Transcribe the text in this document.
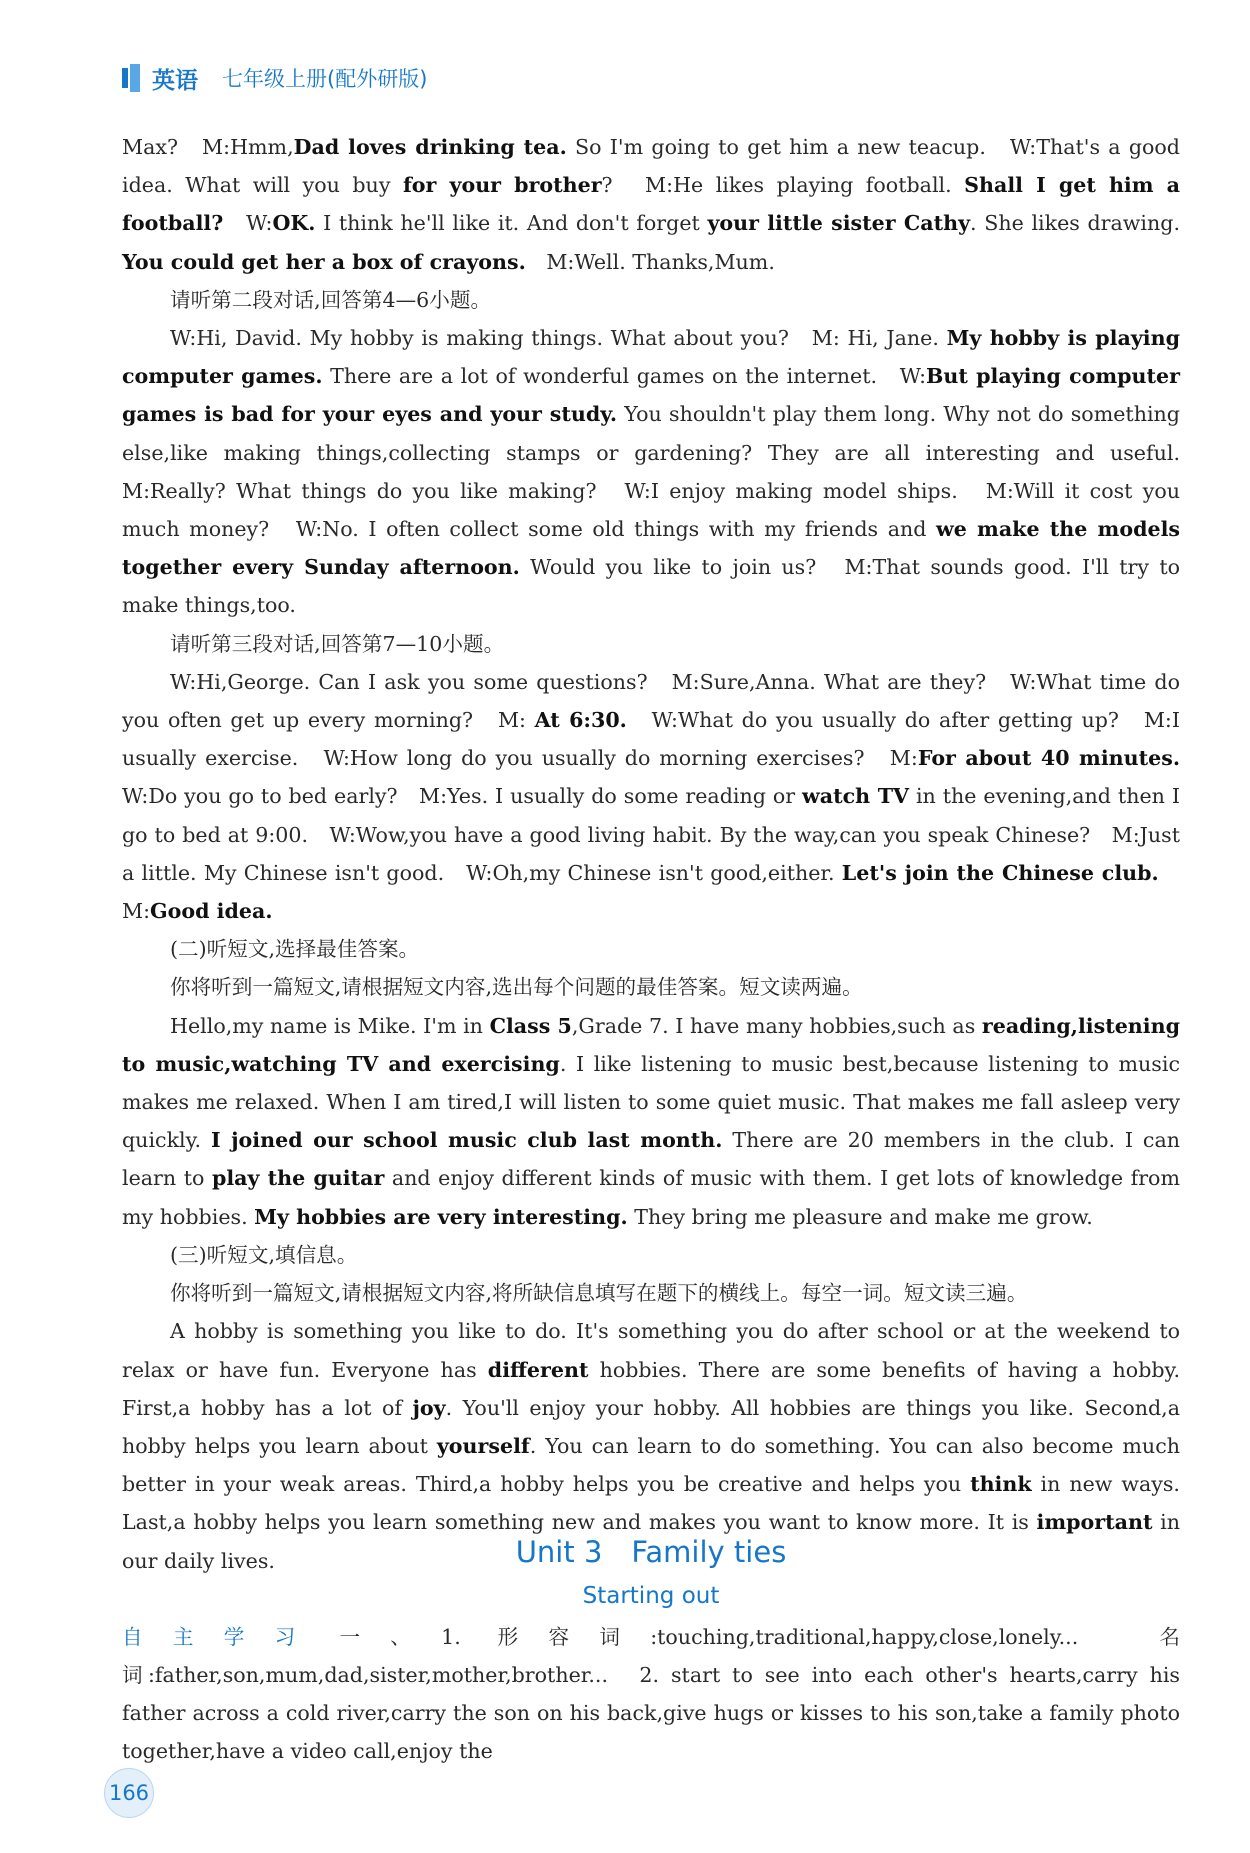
英语 七年级上册(配外研版)

Max?　M:Hmm,Dad loves drinking tea. So I'm going to get him a new teacup.　W:That's a good idea. What will you buy for your brother?　M:He likes playing football. Shall I get him a football?　W:OK. I think he'll like it. And don't forget your little sister Cathy. She likes drawing. You could get her a box of crayons.　M:Well. Thanks,Mum.

请听第二段对话,回答第4—6小题。

W:Hi, David. My hobby is making things. What about you?　M: Hi, Jane. My hobby is playing computer games. There are a lot of wonderful games on the internet.　W:But playing computer games is bad for your eyes and your study. You shouldn't play them long. Why not do something else,like making things,collecting stamps or gardening? They are all interesting and useful.　M:Really? What things do you like making?　W:I enjoy making model ships.　M:Will it cost you much money?　W:No. I often collect some old things with my friends and we make the models together every Sunday afternoon. Would you like to join us?　M:That sounds good. I'll try to make things,too.

请听第三段对话,回答第7—10小题。

W:Hi,George. Can I ask you some questions?　M:Sure,Anna. What are they?　W:What time do you often get up every morning?　M: At 6:30.　W:What do you usually do after getting up?　M:I usually exercise.　W:How long do you usually do morning exercises?　M:For about 40 minutes. W:Do you go to bed early?　M:Yes. I usually do some reading or watch TV in the evening,and then I go to bed at 9:00.　W:Wow,you have a good living habit. By the way,can you speak Chinese?　M:Just a little. My Chinese isn't good.　W:Oh,my Chinese isn't good,either. Let's join the Chinese club.　M:Good idea.

(二)听短文,选择最佳答案。

你将听到一篇短文,请根据短文内容,选出每个问题的最佳答案。短文读两遍。

Hello,my name is Mike. I'm in Class 5,Grade 7. I have many hobbies,such as reading,listening to music,watching TV and exercising. I like listening to music best,because listening to music makes me relaxed. When I am tired,I will listen to some quiet music. That makes me fall asleep very quickly. I joined our school music club last month. There are 20 members in the club. I can learn to play the guitar and enjoy different kinds of music with them. I get lots of knowledge from my hobbies. My hobbies are very interesting. They bring me pleasure and make me grow.

(三)听短文,填信息。

你将听到一篇短文,请根据短文内容,将所缺信息填写在题下的横线上。每空一词。短文读三遍。

A hobby is something you like to do. It's something you do after school or at the weekend to relax or have fun. Everyone has different hobbies. There are some benefits of having a hobby. First,a hobby has a lot of joy. You'll enjoy your hobby. All hobbies are things you like. Second,a hobby helps you learn about yourself. You can learn to do something. You can also become much better in your weak areas. Third,a hobby helps you be creative and helps you think in new ways. Last,a hobby helps you learn something new and makes you want to know more. It is important in our daily lives.	Unit 3　Family ties
Starting out

自主学习 一、1. 形容词:touching,traditional,happy,close,lonely...　名词:father,son,mum,dad,sister,mother,brother...　2. start to see into each other's hearts,carry his father across a cold river,carry the son on his back,give hugs or kisses to his son,take a family photo together,have a video call,enjoy the

166
